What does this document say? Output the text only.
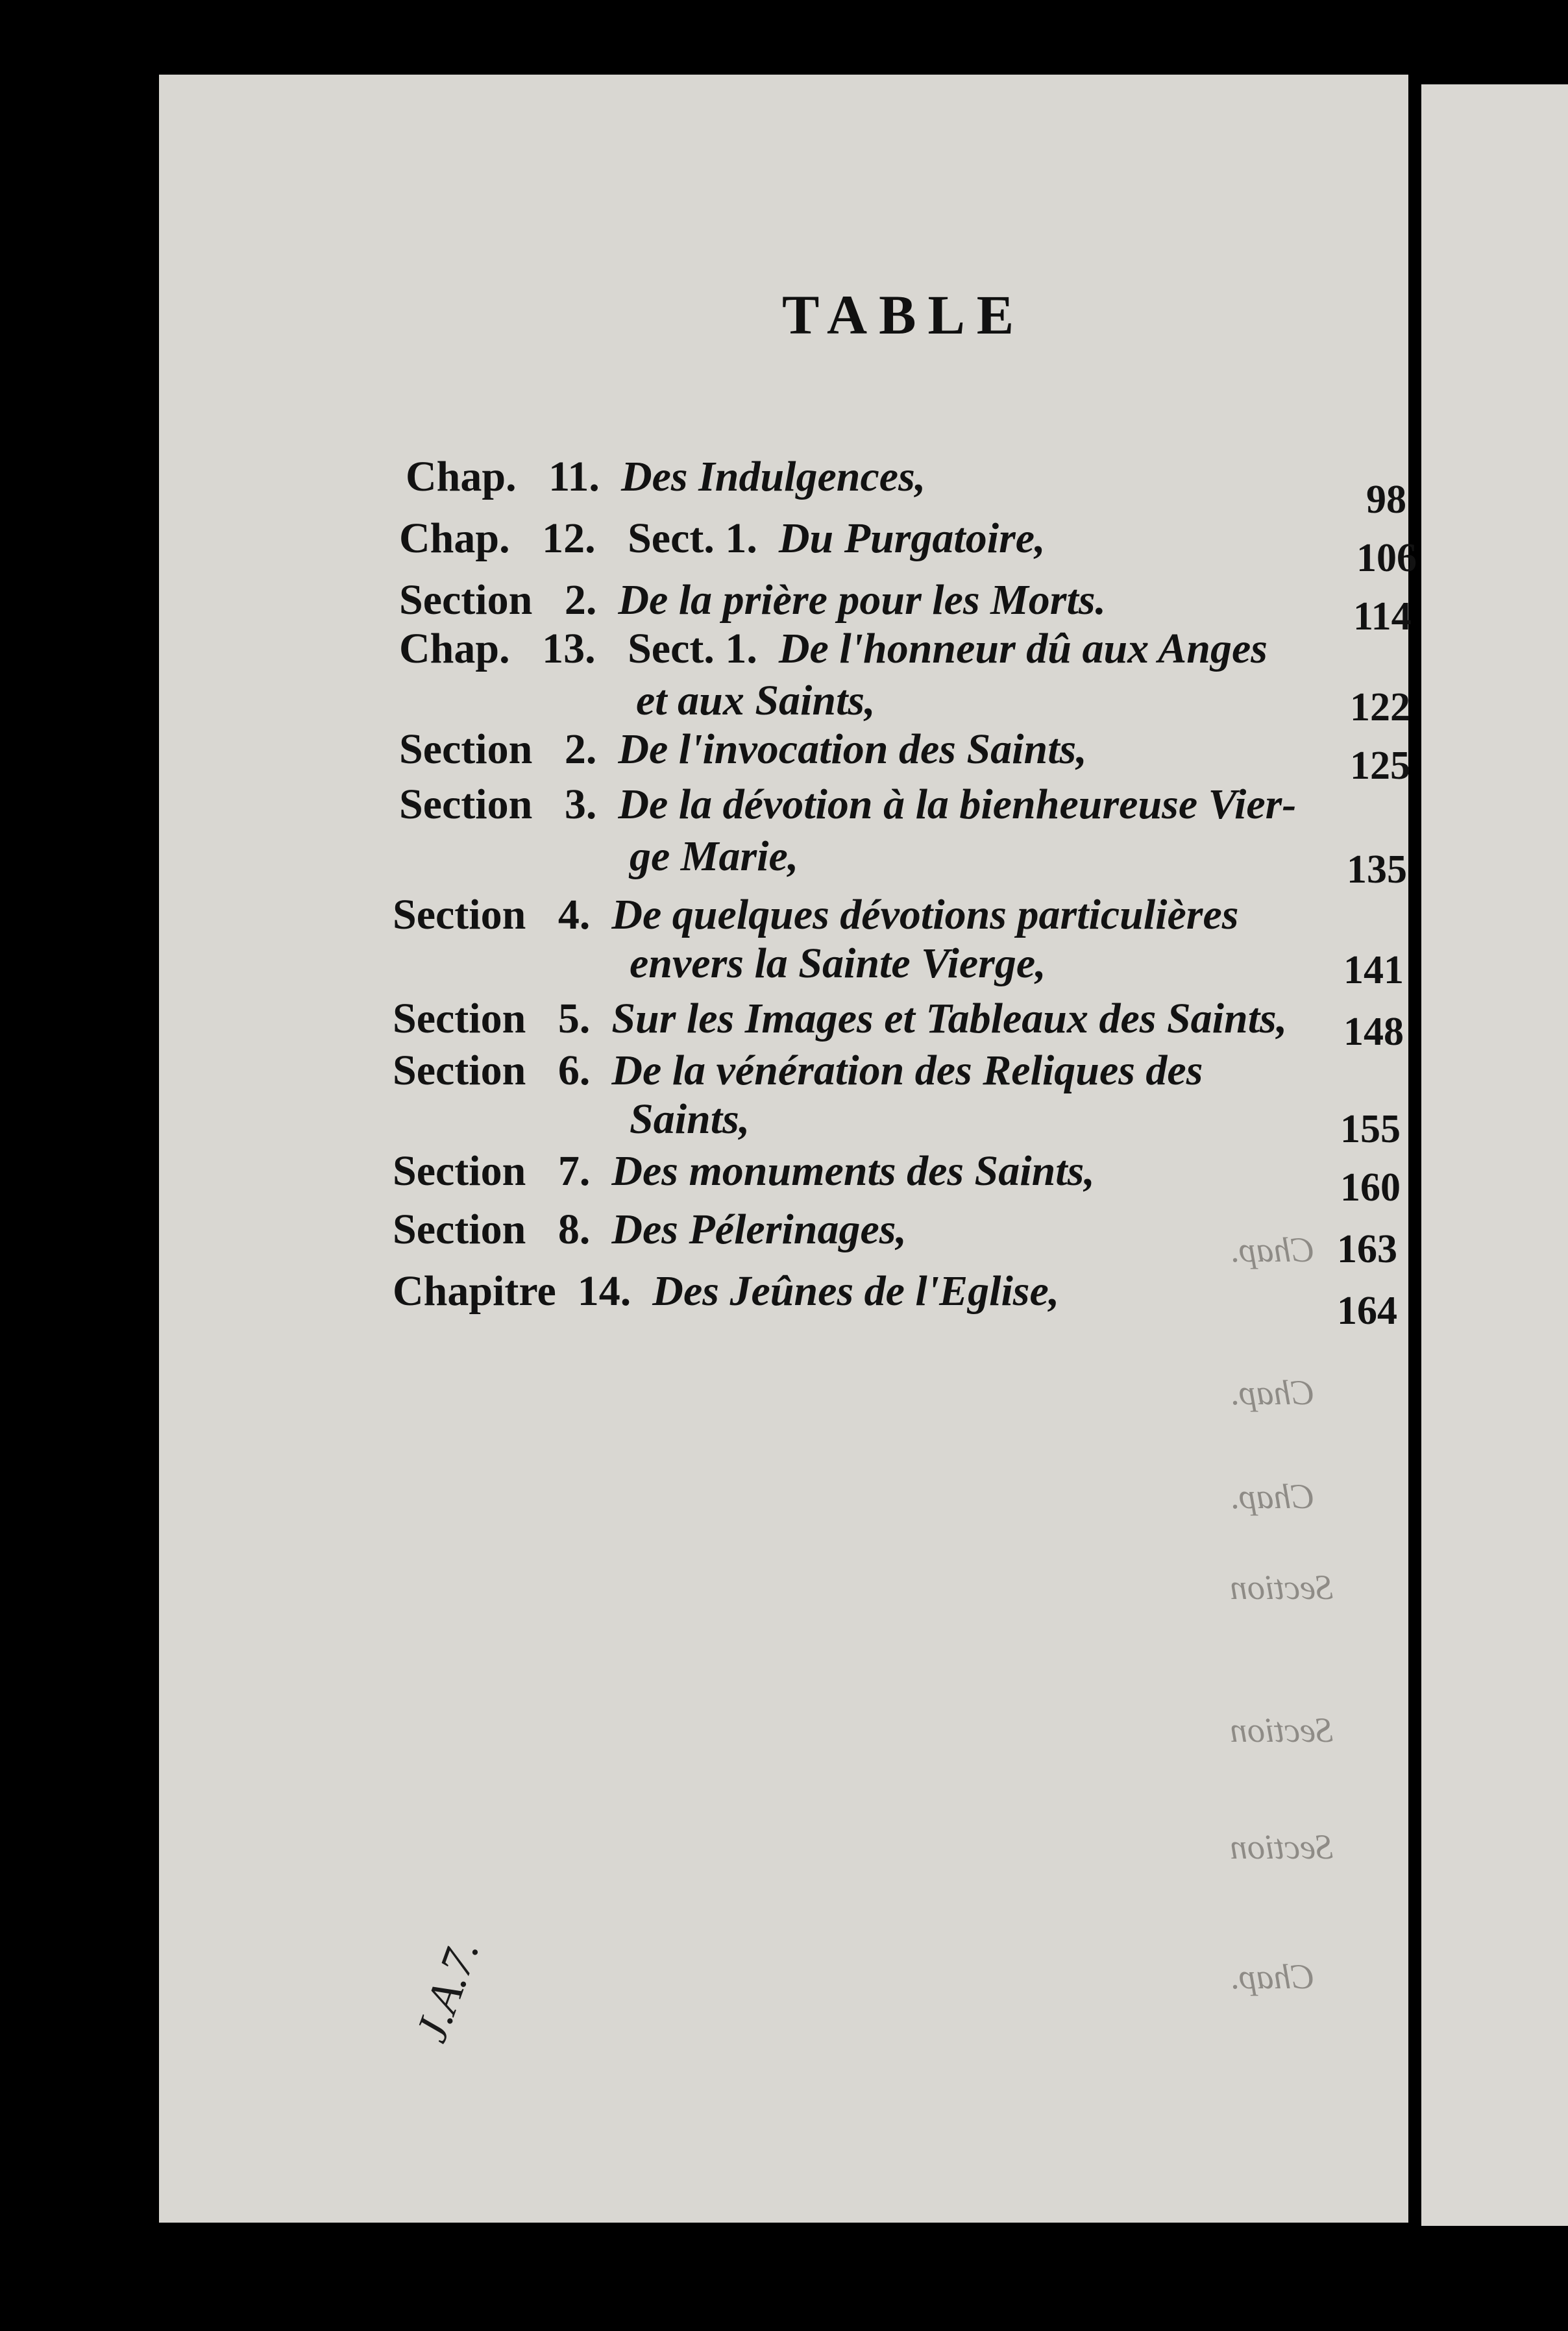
Chap.
Chap.
Chap.
Section
Section
Section
Chap.
TABLE
Chap. 11. Des Indulgences,	98
Chap. 12. Sect. 1. Du Purgatoire,	106
Section 2. De la prière pour les Morts.	114
Chap. 13. Sect. 1. De l'honneur dû aux Anges
et aux Saints,	122
Section 2. De l'invocation des Saints,	125
Section 3. De la dévotion à la bienheureuse Vier-
ge Marie,	135
Section 4. De quelques dévotions particulières
envers la Sainte Vierge,	141
Section 5. Sur les Images et Tableaux des Saints, 148
Section 6. De la vénération des Reliques des
Saints,	155
Section 7. Des monuments des Saints,	160
Section 8. Des Pélerinages,	163
Chapitre 14. Des Jeûnes de l'Eglise,	164
J.A.7.
